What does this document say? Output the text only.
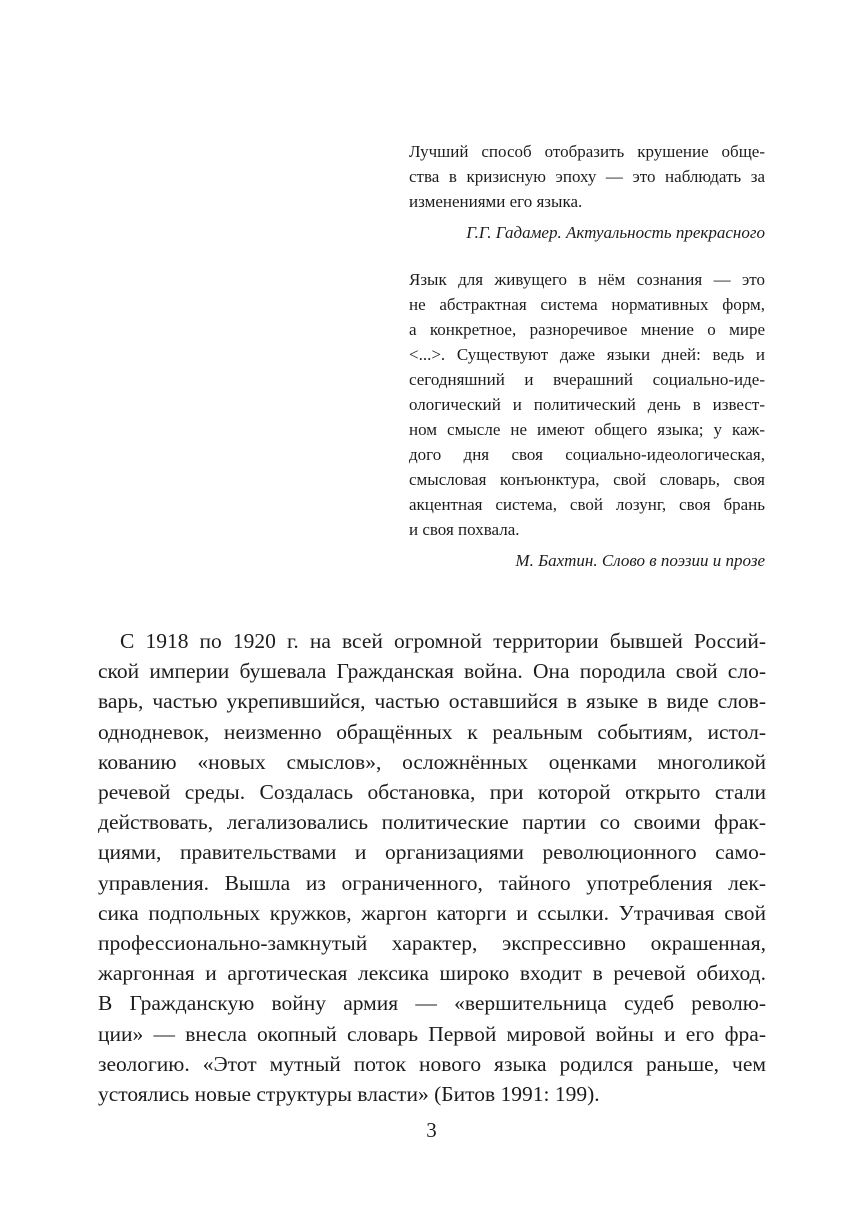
Лучший способ отобразить крушение обще-
ства в кризисную эпоху — это наблюдать за
изменениями его языка.
Г.Г. Гадамер. Актуальность прекрасного
Язык для живущего в нём сознания — это
не абстрактная система нормативных форм,
а конкретное, разноречивое мнение о мире
<...>. Существуют даже языки дней: ведь и
сегодняшний и вчерашний социально-иде-
ологический и политический день в извест-
ном смысле не имеют общего языка; у каж-
дого дня своя социально-идеологическая,
смысловая конъюнктура, свой словарь, своя
акцентная система, свой лозунг, своя брань
и своя похвала.
М. Бахтин. Слово в поэзии и прозе
С 1918 по 1920 г. на всей огромной территории бывшей Россий-
ской империи бушевала Гражданская война. Она породила свой сло-
варь, частью укрепившийся, частью оставшийся в языке в виде слов-
однодневок, неизменно обращённых к реальным событиям, истол-
кованию «новых смыслов», осложнённых оценками многоликой
речевой среды. Создалась обстановка, при которой открыто стали
действовать, легализовались политические партии со своими фрак-
циями, правительствами и организациями революционного само-
управления. Вышла из ограниченного, тайного употребления лек-
сика подпольных кружков, жаргон каторги и ссылки. Утрачивая свой
профессионально-замкнутый характер, экспрессивно окрашенная,
жаргонная и арготическая лексика широко входит в речевой обиход.
В Гражданскую войну армия — «вершительница судеб револю-
ции» — внесла окопный словарь Первой мировой войны и его фра-
зеологию. «Этот мутный поток нового языка родился раньше, чем
устоялись новые структуры власти» (Битов 1991: 199).
3
